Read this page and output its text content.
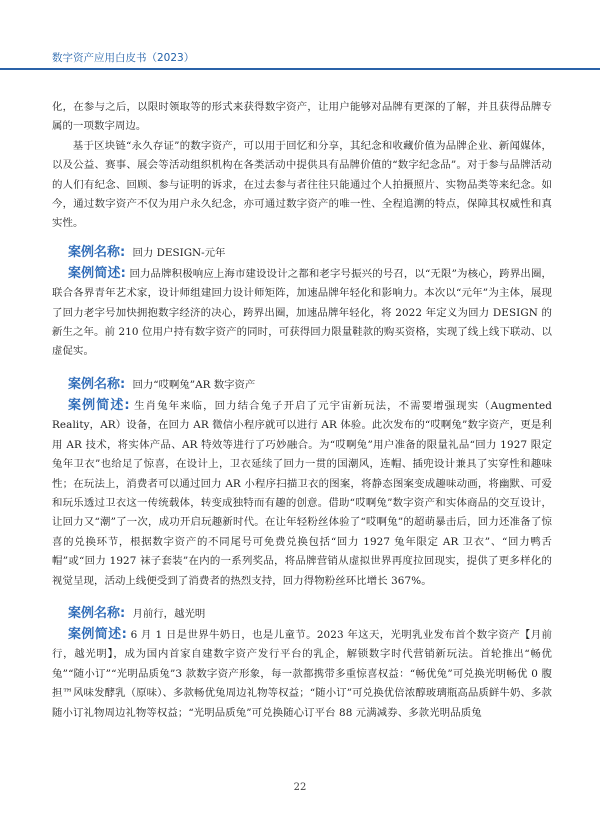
数字资产应用白皮书（2023）

化，在参与之后，以限时领取等的形式来获得数字资产，让用户能够对品牌有更深的了解，并且获得品牌专属的一项数字周边。

基于区块链“永久存证”的数字资产，可以用于回忆和分享，其纪念和收藏价值为品牌企业、新闻媒体，以及公益、赛事、展会等活动组织机构在各类活动中提供具有品牌价值的“数字纪念品”。对于参与品牌活动的人们有纪念、回顾、参与证明的诉求，在过去参与者往往只能通过个人拍摄照片、实物品类等来纪念。如今，通过数字资产不仅为用户永久纪念，亦可通过数字资产的唯一性、全程追溯的特点，保障其权威性和真实性。

案例名称: 回力 DESIGN-元年

案例简述: 回力品牌积极响应上海市建设设计之都和老字号振兴的号召，以“无限”为核心，跨界出圈，联合各界青年艺术家，设计师组建回力设计师矩阵，加速品牌年轻化和影响力。本次以“元年”为主体，展现了回力老字号加快拥抱数字经济的决心，跨界出圈，加速品牌年轻化，将 2022 年定义为回力 DESIGN 的新生之年。前 210 位用户持有数字资产的同时，可获得回力限量鞋款的购买资格，实现了线上线下联动、以虚促实。

案例名称: 回力“哎啊兔”AR 数字资产

案例简述: 生肖兔年来临，回力结合兔子开启了元宇宙新玩法，不需要增强现实（Augmented Reality，AR）设备，在回力 AR 微信小程序就可以进行 AR 体验。此次发布的“哎啊兔”数字资产，更是利用 AR 技术，将实体产品、AR 特效等进行了巧妙融合。为“哎啊兔”用户准备的限量礼品“回力 1927 限定兔年卫衣”也给足了惊喜，在设计上，卫衣延续了回力一贯的国潮风，连帽、插兜设计兼具了实穿性和趣味性；在玩法上，消费者可以通过回力 AR 小程序扫描卫衣的图案，将静态图案变成趣味动画，将幽默、可爱和玩乐透过卫衣这一传统载体，转变成独特而有趣的创意。借助“哎啊兔”数字资产和实体商品的交互设计，让回力又“潮”了一次，成功开启玩趣新时代。在让年轻粉丝体验了“哎啊兔”的超萌暴击后，回力还准备了惊喜的兑换环节，根据数字资产的不同尾号可免费兑换包括“回力 1927 兔年限定 AR 卫衣”、“回力鸭舌帽”或“回力 1927 袜子套装”在内的一系列奖品，将品牌营销从虚拟世界再度拉回现实，提供了更多样化的视觉呈现，活动上线便受到了消费者的热烈支持，回力得物粉丝环比增长 367%。

案例名称: 月前行，越光明

案例简述: 6 月 1 日是世界牛奶日，也是儿童节。2023 年这天，光明乳业发布首个数字资产【月前行，越光明】，成为国内首家自建数字资产发行平台的乳企，解锁数字时代营销新玩法。首轮推出“畅优兔”“随小订”“光明品质兔”3 款数字资产形象，每一款都携带多重惊喜权益：“畅优兔”可兑换光明畅优 0 腹担™风味发酵乳（原味）、多款畅优兔周边礼物等权益；“随小订”可兑换优倍浓醇玻璃瓶高品质鲜牛奶、多款随小订礼物周边礼物等权益；“光明品质兔”可兑换随心订平台 88 元满减券、多款光明品质兔

22
